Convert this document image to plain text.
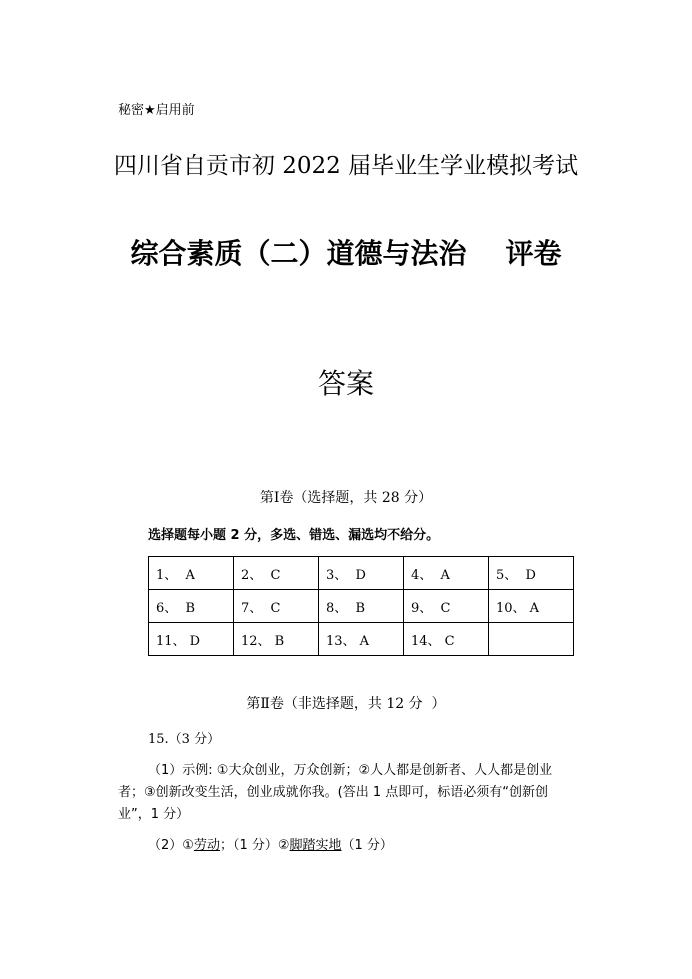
秘密★启用前
四川省自贡市初 2022 届毕业生学业模拟考试
综合素质（二）道德与法治    评卷
答案
第Ⅰ卷（选择题，共 28 分）
选择题每小题 2 分，多选、错选、漏选均不给分。
1、  A	2、  C	3、  D	4、  A	5、  D
6、  B	7、  C	8、  B	9、  C	10、 A
11、 D	12、 B	13、 A	14、 C	
第Ⅱ卷（非选择题，共 12 分  ）
15.（3 分）
（1）示例: ①大众创业，万众创新；②人人都是创新者、人人都是创业者；③创新改变生活，创业成就你我。(答出 1 点即可，标语必须有“创新创业”，1 分）
（2）①劳动；（1 分）②脚踏实地（1 分）
